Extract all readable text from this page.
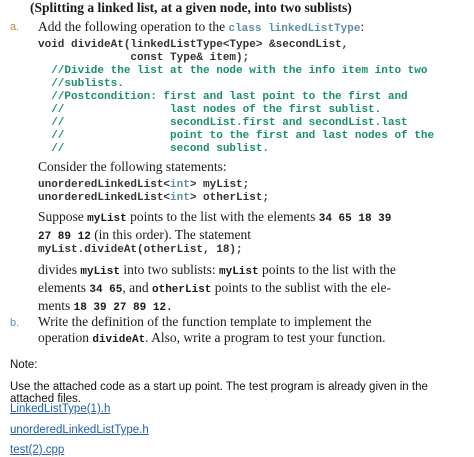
(Splitting a linked list, at a given node, into two sublists)
a. Add the following operation to the class linkedListType:
void divideAt(linkedListType<Type> &secondList,
const Type& item);
//Divide the list at the node with the info item into two
//sublists.
//Postcondition: first and last point to the first and
//                last nodes of the first sublist.
//                secondList.first and secondList.last
//                point to the first and last nodes of the
//                second sublist.
Consider the following statements:
unorderedLinkedList<int> myList;
unorderedLinkedList<int> otherList;
Suppose myList points to the list with the elements 34 65 18 39
27 89 12 (in this order). The statement
myList.divideAt(otherList, 18);
divides myList into two sublists: myList points to the list with the
elements 34 65, and otherList points to the sublist with the ele-
ments 18 39 27 89 12.
b. Write the definition of the function template to implement the
operation divideAt. Also, write a program to test your function.
Note:
Use the attached code as a start up point. The test program is already given in the attached files.
LinkedListType(1).h
unorderedLinkedListType.h
test(2).cpp
